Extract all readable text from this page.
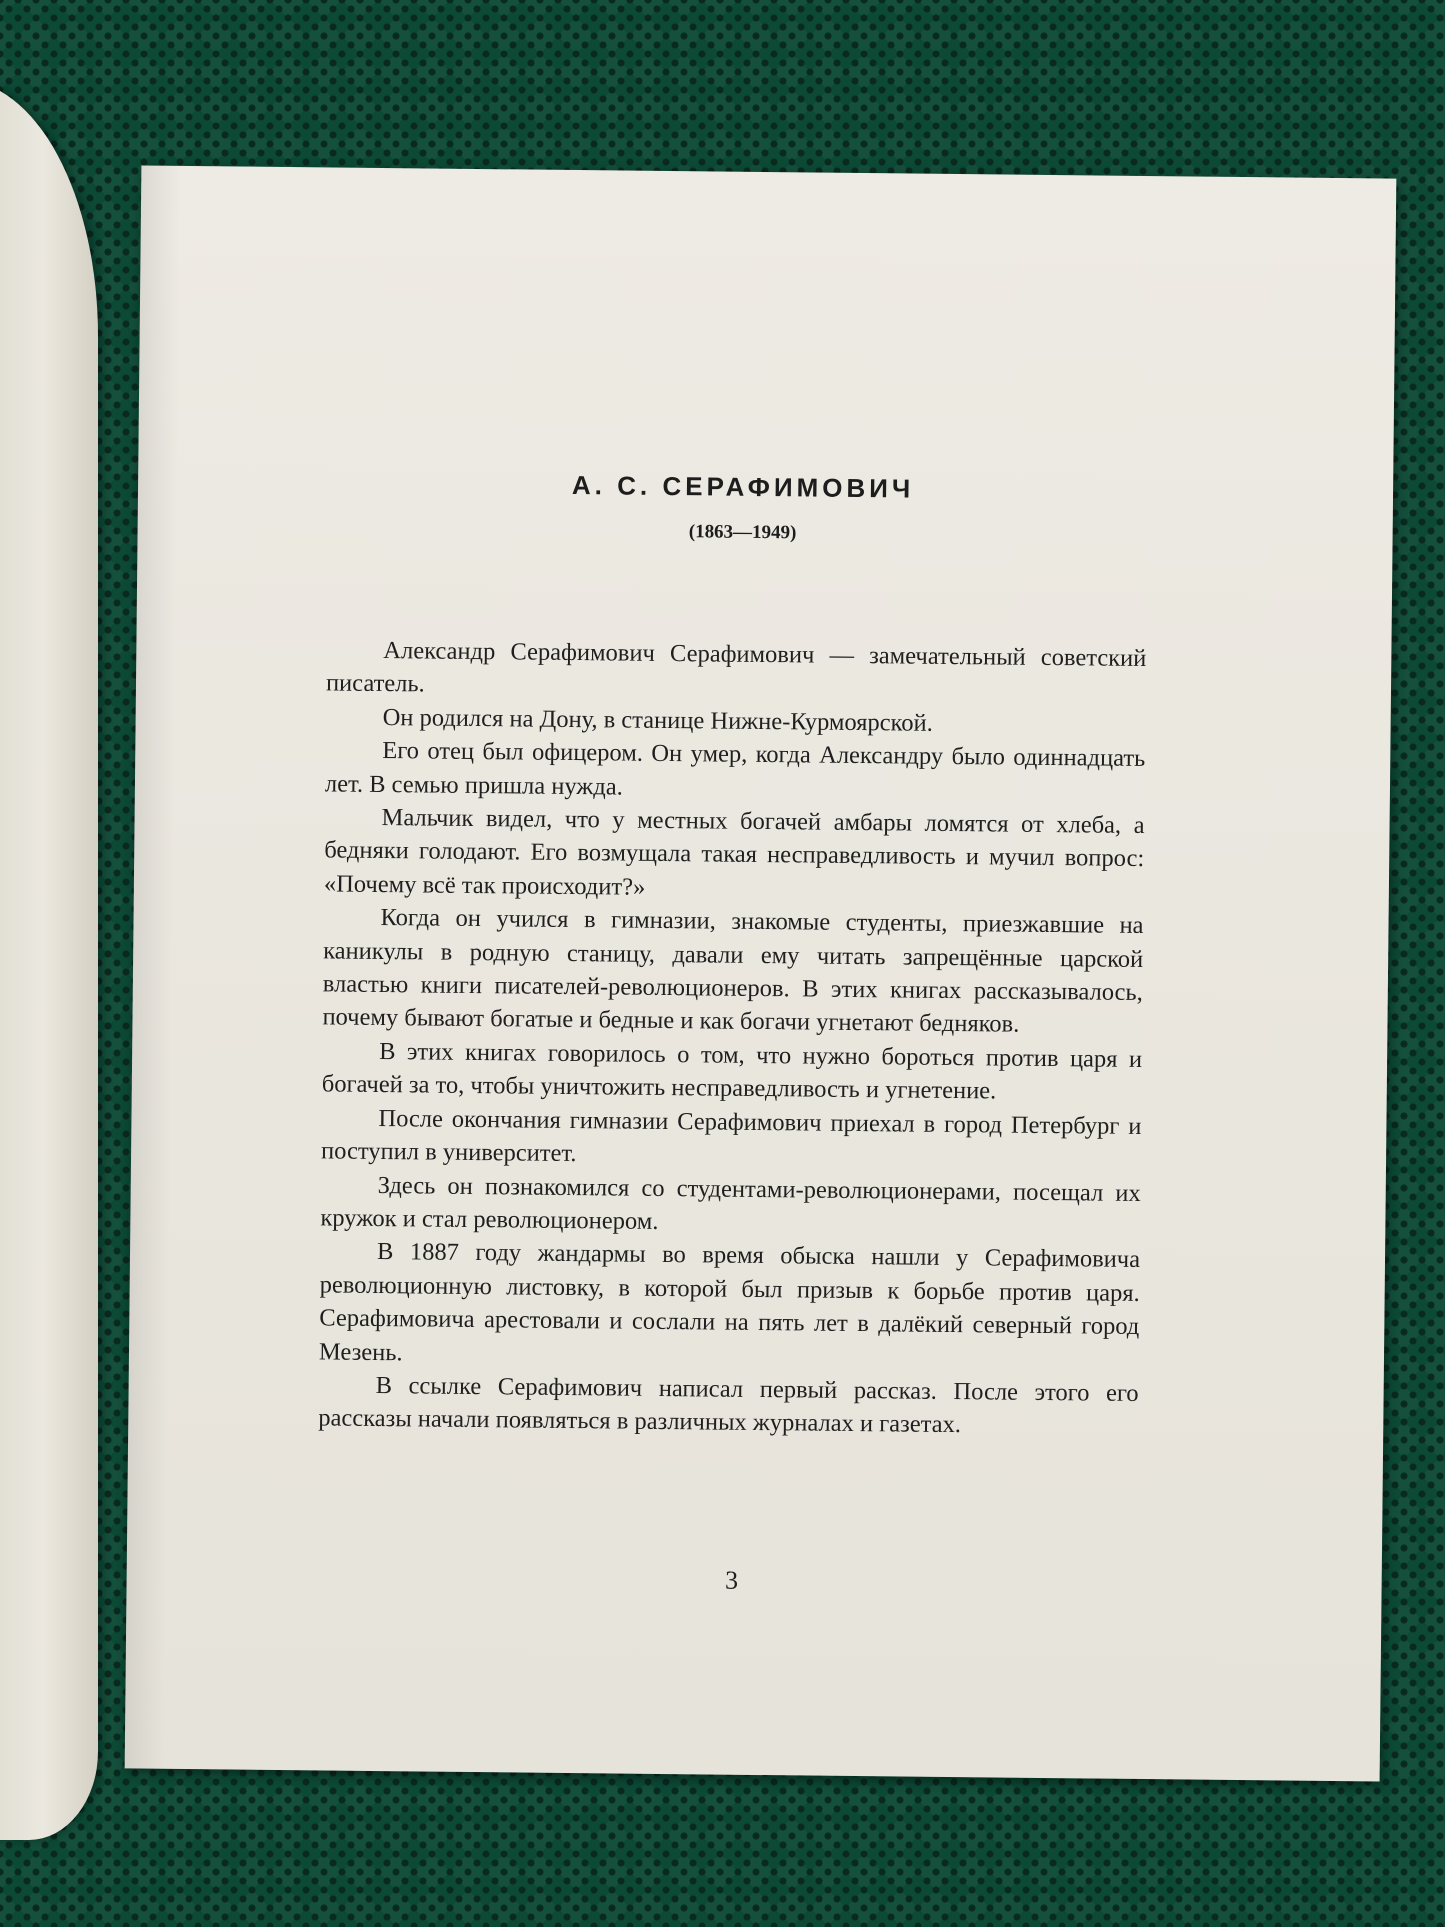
А. С. СЕРАФИМОВИЧ
(1863—1949)

Александр Серафимович Серафимович — замечательный советский писатель.

Он родился на Дону, в станице Нижне-Курмоярской.

Его отец был офицером. Он умер, когда Александру было одиннадцать лет. В семью пришла нужда.

Мальчик видел, что у местных богачей амбары ломятся от хлеба, а бедняки голодают. Его возмущала такая несправедливость и мучил вопрос: «Почему всё так происходит?»

Когда он учился в гимназии, знакомые студенты, приезжавшие на каникулы в родную станицу, давали ему читать запрещённые царской властью книги писателей-революционеров. В этих книгах рассказывалось, почему бывают богатые и бедные и как богачи угнетают бедняков.

В этих книгах говорилось о том, что нужно бороться против царя и богачей за то, чтобы уничтожить несправедливость и угнетение.

После окончания гимназии Серафимович приехал в город Петербург и поступил в университет.

Здесь он познакомился со студентами-революционерами, посещал их кружок и стал революционером.

В 1887 году жандармы во время обыска нашли у Серафимовича революционную листовку, в которой был призыв к борьбе против царя. Серафимовича арестовали и сослали на пять лет в далёкий северный город Мезень.

В ссылке Серафимович написал первый рассказ. После этого его рассказы начали появляться в различных журналах и газетах.

3
